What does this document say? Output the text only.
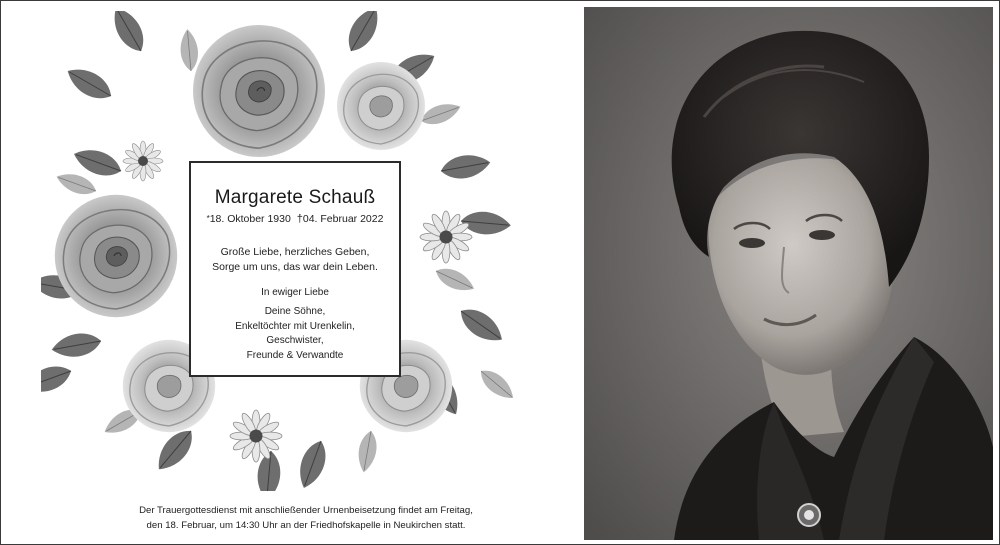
Margarete Schauß
*18. Oktober 1930 †04. Februar 2022
Große Liebe, herzliches Geben,
Sorge um uns, das war dein Leben.
In ewiger Liebe
Deine Söhne,
Enkeltöchter mit Urenkelin,
Geschwister,
Freunde & Verwandte
Der Trauergottesdienst mit anschließender Urnenbeisetzung findet am Freitag,
den 18. Februar, um 14:30 Uhr an der Friedhofskapelle in Neukirchen statt.
